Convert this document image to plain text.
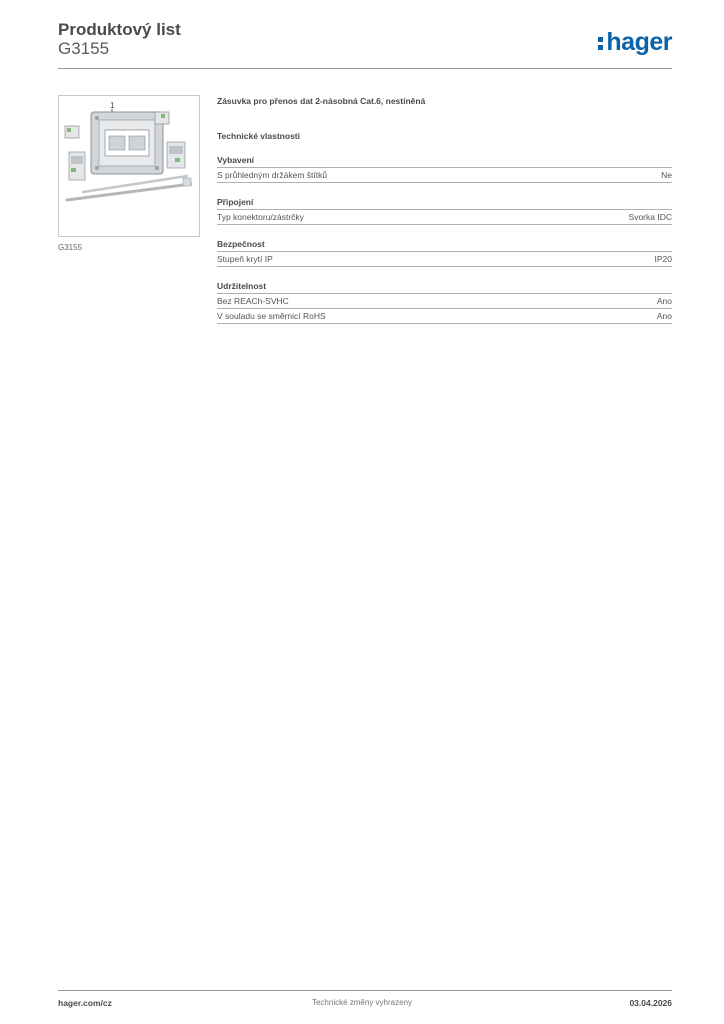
Produktový list
G3155	hager
1
G3155
Zásuvka pro přenos dat 2-násobná Cat.6, nestíněná
Technické vlastnosti
Vybavení
S průhledným držákem štítků	Ne
Připojení
Typ konektoru/zástrčky	Svorka IDC
Bezpečnost
Stupeň krytí IP	IP20
Udržitelnost
Bez REACh-SVHC	Ano
V souladu se směrnicí RoHS	Ano
hager.com/cz	Technické změny vyhrazeny	03.04.2026
